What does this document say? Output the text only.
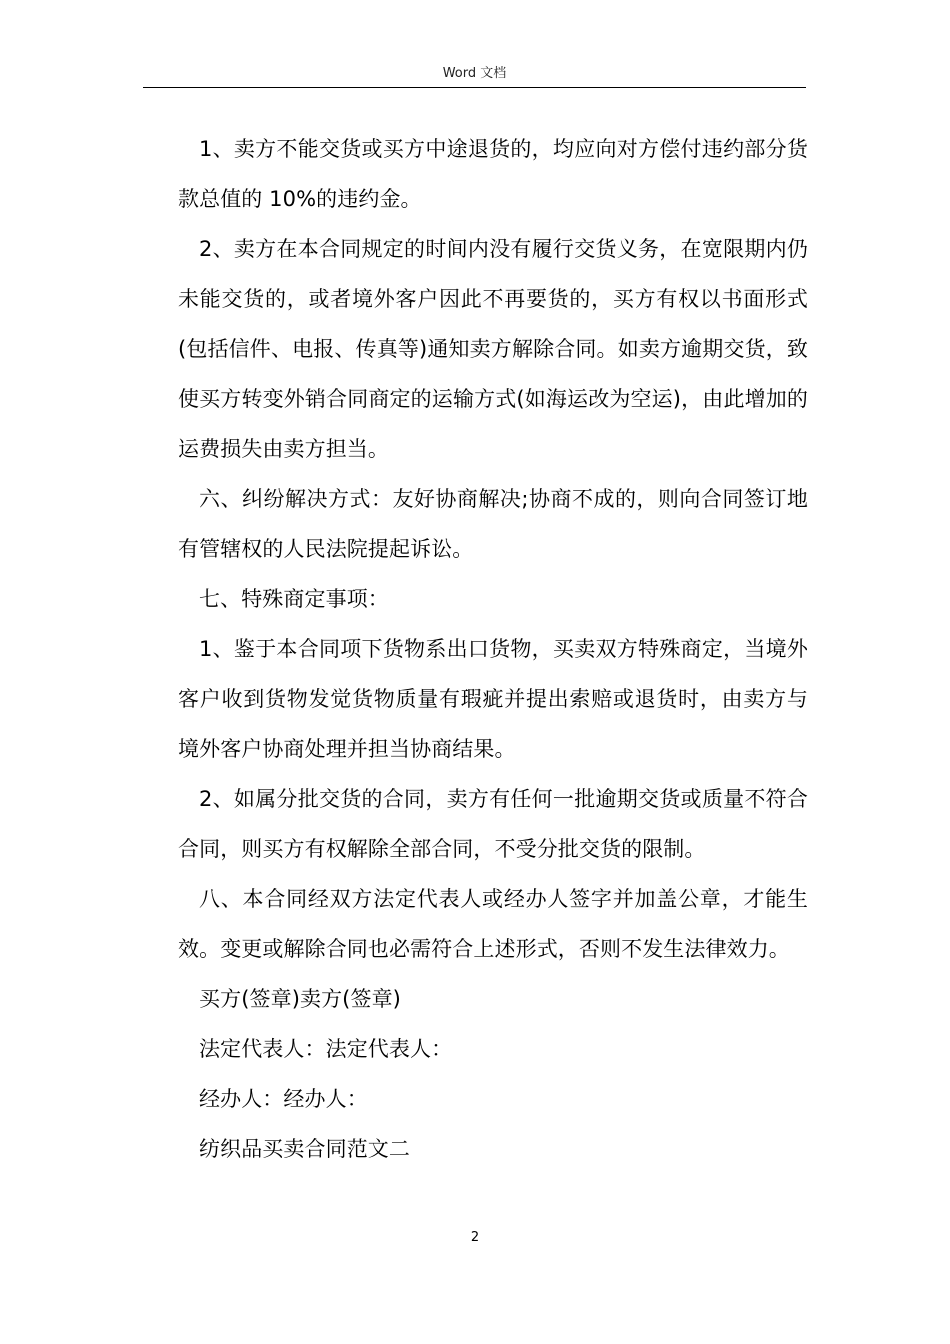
Word 文档

1、卖方不能交货或买方中途退货的，均应向对方偿付违约部分货款总值的 10%的违约金。

2、卖方在本合同规定的时间内没有履行交货义务，在宽限期内仍未能交货的，或者境外客户因此不再要货的，买方有权以书面形式(包括信件、电报、传真等)通知卖方解除合同。如卖方逾期交货，致使买方转变外销合同商定的运输方式(如海运改为空运)，由此增加的运费损失由卖方担当。

六、纠纷解决方式：友好协商解决;协商不成的，则向合同签订地有管辖权的人民法院提起诉讼。

七、特殊商定事项：

1、鉴于本合同项下货物系出口货物，买卖双方特殊商定，当境外客户收到货物发觉货物质量有瑕疵并提出索赔或退货时，由卖方与境外客户协商处理并担当协商结果。

2、如属分批交货的合同，卖方有任何一批逾期交货或质量不符合合同，则买方有权解除全部合同，不受分批交货的限制。

八、本合同经双方法定代表人或经办人签字并加盖公章，才能生效。变更或解除合同也必需符合上述形式，否则不发生法律效力。

买方(签章)卖方(签章)

法定代表人：法定代表人：

经办人：经办人：

纺织品买卖合同范文二

2
